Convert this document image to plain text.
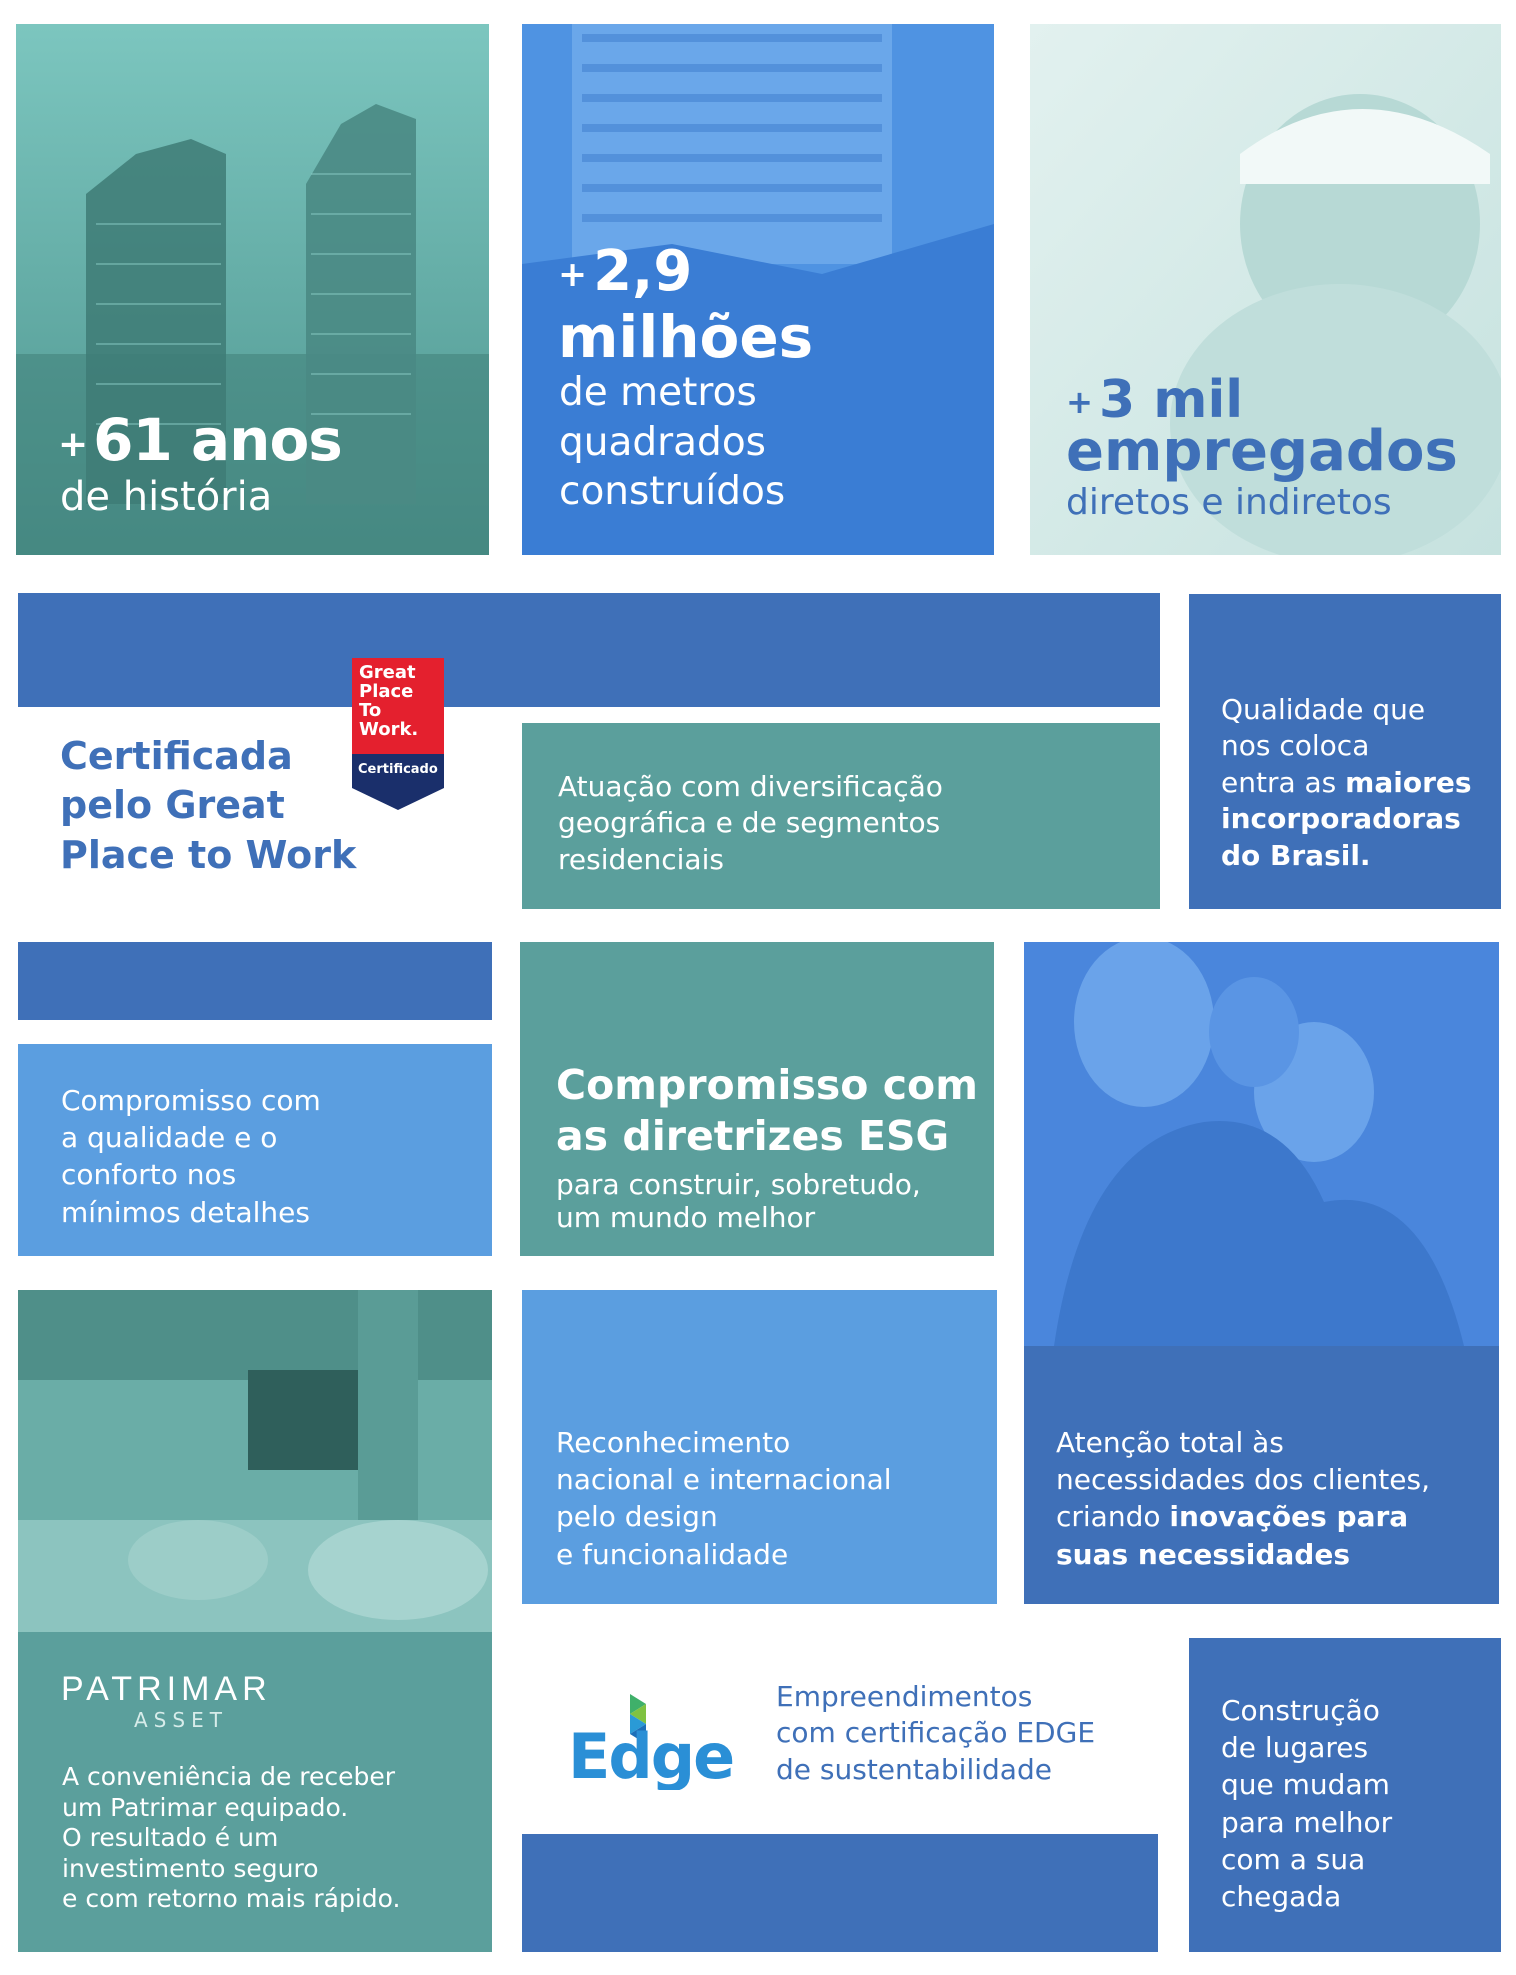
+ 61 anos
de história
+ 2,9
milhões
de metros
quadrados
construídos
+ 3 mil
empregados
diretos e indiretos
Certificada
pelo Great
Place to Work
Great
Place
To
Work.
Certificado
Atuação com diversificação
geográfica e de segmentos
residenciais
Qualidade que
nos coloca
entra as maiores
incorporadoras
do Brasil.
Compromisso com
a qualidade e o
conforto nos
mínimos detalhes
Compromisso com
as diretrizes ESG
para construir, sobretudo,
um mundo melhor
PATRIMAR
ASSET
A conveniência de receber
um Patrimar equipado.
O resultado é um
investimento seguro
e com retorno mais rápido.
Reconhecimento
nacional e internacional
pelo design
e funcionalidade
Atenção total às
necessidades dos clientes,
criando inovações para
suas necessidades
Edge
Empreendimentos
com certificação EDGE
de sustentabilidade
Construção
de lugares
que mudam
para melhor
com a sua
chegada
